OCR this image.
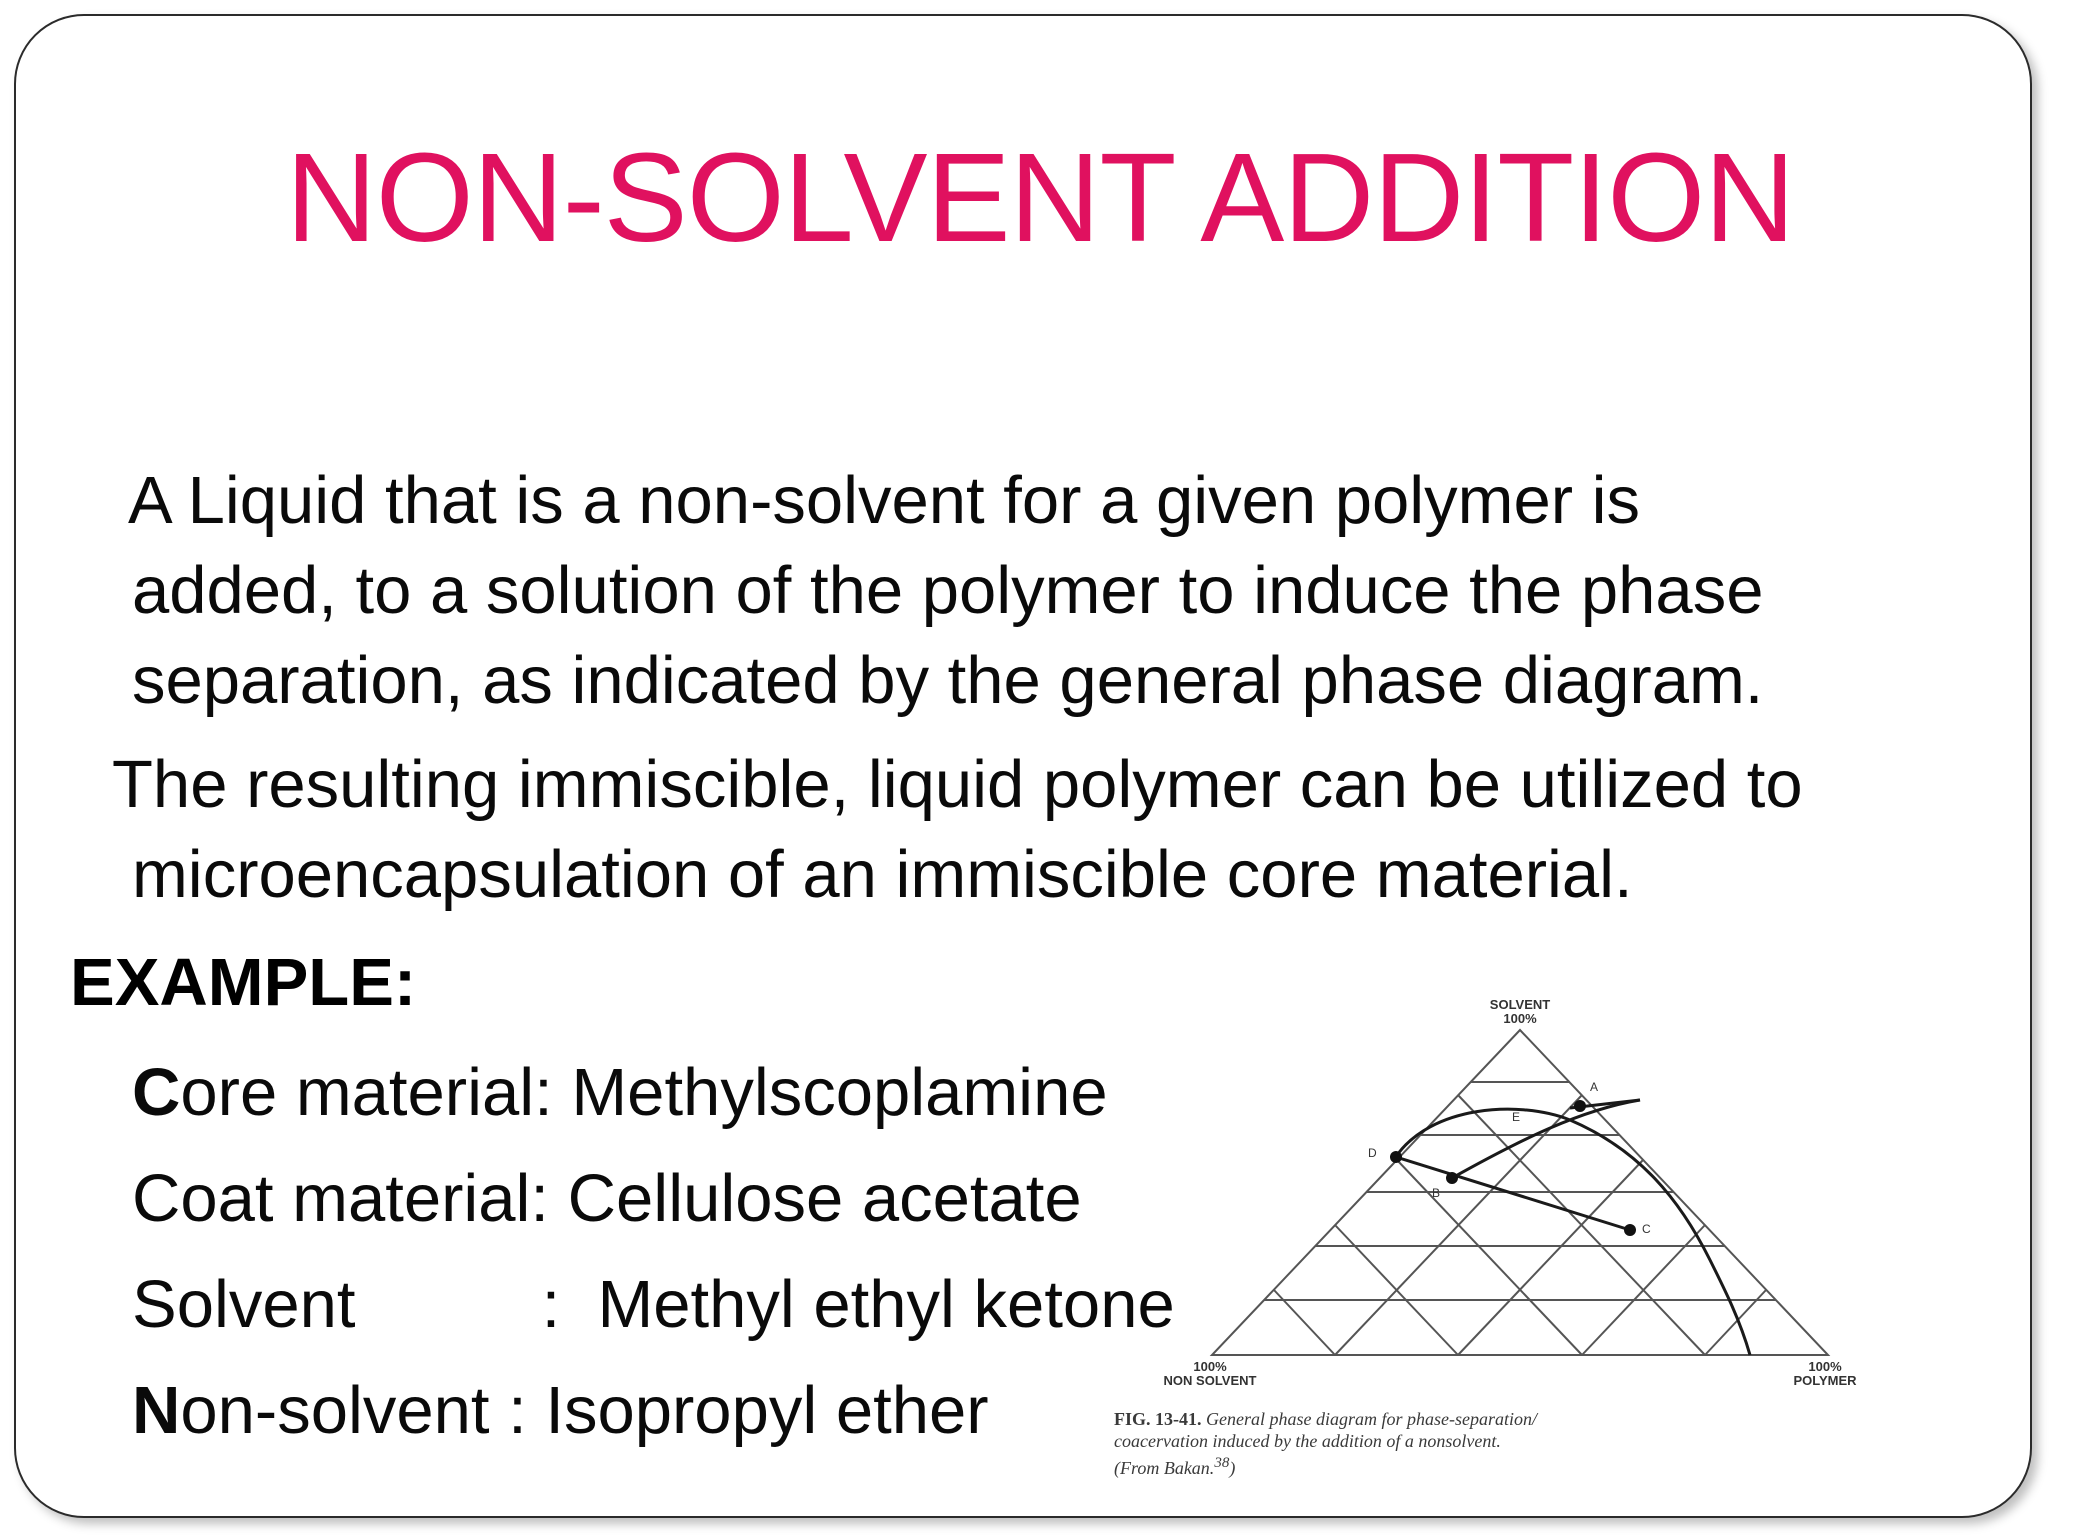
NON-SOLVENT ADDITION
A Liquid that is a non-solvent for a given polymer is
added, to a solution of the polymer to induce the phase
separation, as indicated by the general phase diagram.
The resulting immiscible, liquid polymer can be utilized to
microencapsulation of an immiscible core material.
EXAMPLE:
Core material: Methylscoplamine
Coat material: Cellulose acetate
Solvent          :  Methyl ethyl ketone
Non-solvent : Isopropyl ether
SOLVENT
100%
100%
NON SOLVENT
100%
POLYMER
A
E
D
B
C
FIG. 13-41. General phase diagram for phase-separation/
coacervation induced by the addition of a nonsolvent.
(From Bakan.$^{38}$)
